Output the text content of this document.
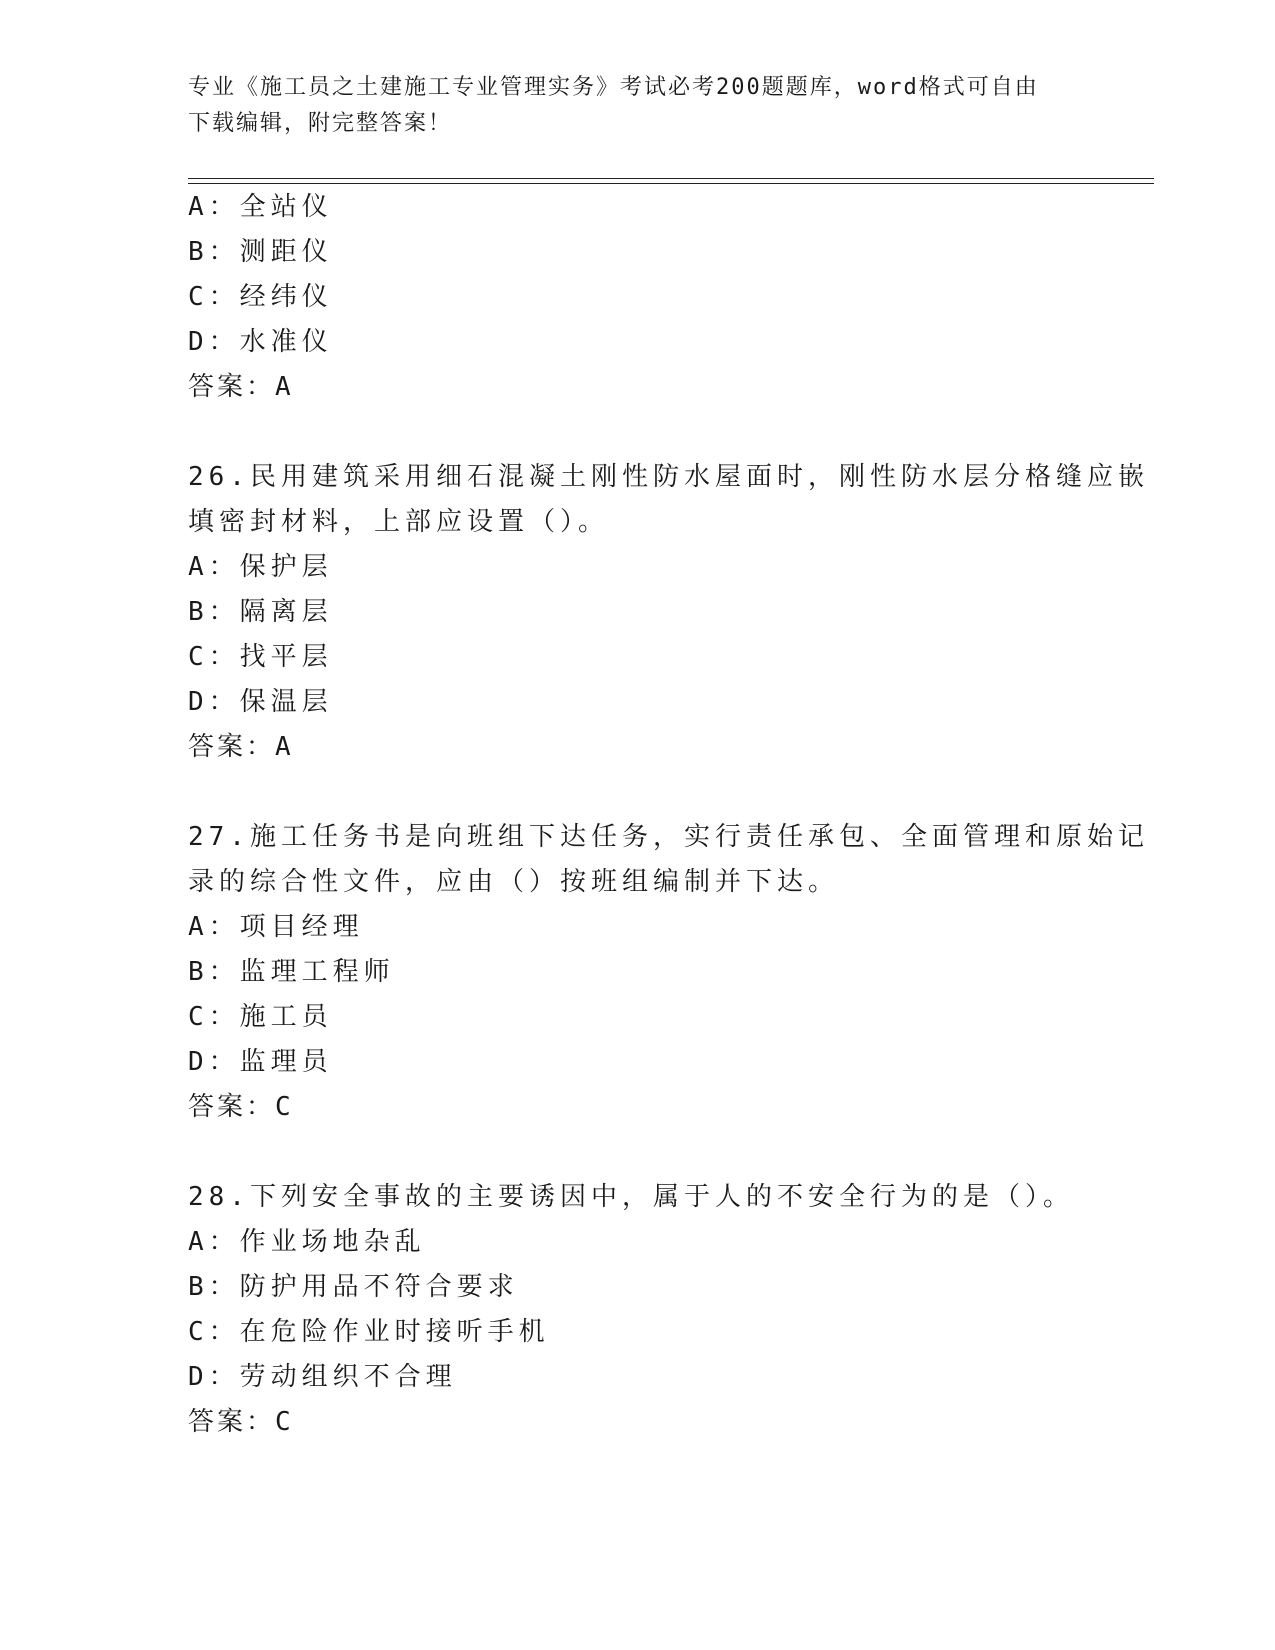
专业《施工员之土建施工专业管理实务》考试必考200题题库，word格式可自由
下载编辑，附完整答案！
A：全站仪
B：测距仪
C：经纬仪
D：水准仪
答案：A
26.民用建筑采用细石混凝土刚性防水屋面时，刚性防水层分格缝应嵌
填密封材料，上部应设置（）。
A：保护层
B：隔离层
C：找平层
D：保温层
答案：A
27.施工任务书是向班组下达任务，实行责任承包、全面管理和原始记
录的综合性文件，应由（）按班组编制并下达。
A：项目经理
B：监理工程师
C：施工员
D：监理员
答案：C
28.下列安全事故的主要诱因中，属于人的不安全行为的是（）。
A：作业场地杂乱
B：防护用品不符合要求
C：在危险作业时接听手机
D：劳动组织不合理
答案：C
